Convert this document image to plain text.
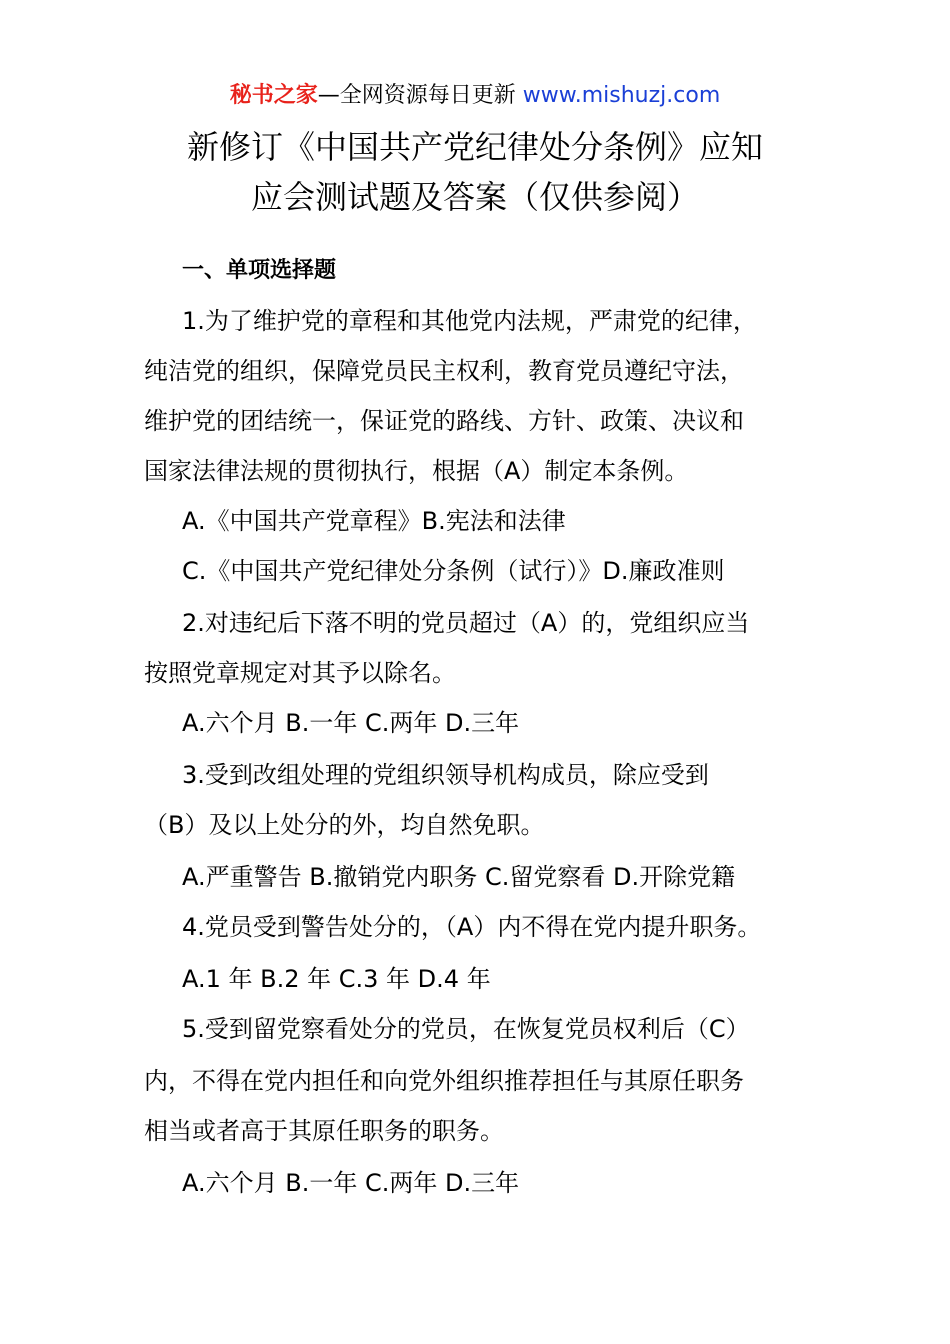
秘书之家—全网资源每日更新 www.mishuzj.com
新修订《中国共产党纪律处分条例》应知
应会测试题及答案（仅供参阅）
一、单项选择题
1.为了维护党的章程和其他党内法规，严肃党的纪律，
纯洁党的组织，保障党员民主权利，教育党员遵纪守法，
维护党的团结统一，保证党的路线、方针、政策、决议和
国家法律法规的贯彻执行，根据（A）制定本条例。
A.《中国共产党章程》B.宪法和法律
C.《中国共产党纪律处分条例（试行）》D.廉政准则
2.对违纪后下落不明的党员超过（A）的，党组织应当
按照党章规定对其予以除名。
A.六个月 B.一年 C.两年 D.三年
3.受到改组处理的党组织领导机构成员，除应受到
（B）及以上处分的外，均自然免职。
A.严重警告 B.撤销党内职务 C.留党察看 D.开除党籍
4.党员受到警告处分的，（A）内不得在党内提升职务。
A.1 年 B.2 年 C.3 年 D.4 年
5.受到留党察看处分的党员，在恢复党员权利后（C）
内，不得在党内担任和向党外组织推荐担任与其原任职务
相当或者高于其原任职务的职务。
A.六个月 B.一年 C.两年 D.三年
